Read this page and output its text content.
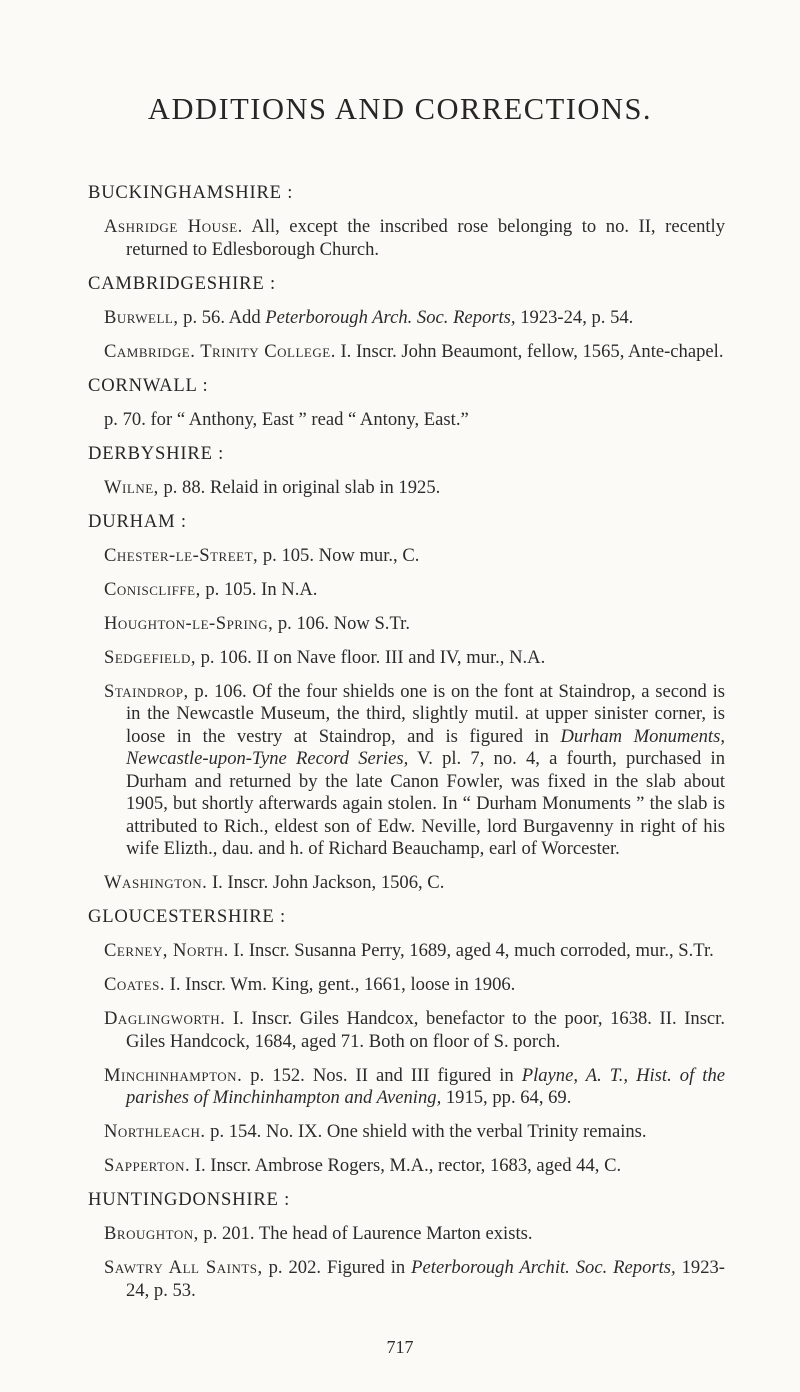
ADDITIONS AND CORRECTIONS.
BUCKINGHAMSHIRE :
Ashridge House. All, except the inscribed rose belonging to no. II, recently returned to Edlesborough Church.
CAMBRIDGESHIRE :
Burwell, p. 56. Add Peterborough Arch. Soc. Reports, 1923-24, p. 54.
Cambridge. Trinity College. I. Inscr. John Beaumont, fellow, 1565, Ante-chapel.
CORNWALL :
p. 70. for “ Anthony, East ” read “ Antony, East.”
DERBYSHIRE :
Wilne, p. 88. Relaid in original slab in 1925.
DURHAM :
Chester-le-Street, p. 105. Now mur., C.
Coniscliffe, p. 105. In N.A.
Houghton-le-Spring, p. 106. Now S.Tr.
Sedgefield, p. 106. II on Nave floor. III and IV, mur., N.A.
Staindrop, p. 106. Of the four shields one is on the font at Staindrop, a second is in the Newcastle Museum, the third, slightly mutil. at upper sinister corner, is loose in the vestry at Staindrop, and is figured in Durham Monuments, Newcastle-upon-Tyne Record Series, V. pl. 7, no. 4, a fourth, purchased in Durham and returned by the late Canon Fowler, was fixed in the slab about 1905, but shortly afterwards again stolen. In “ Durham Monuments ” the slab is attributed to Rich., eldest son of Edw. Neville, lord Burgavenny in right of his wife Elizth., dau. and h. of Richard Beauchamp, earl of Worcester.
Washington. I. Inscr. John Jackson, 1506, C.
GLOUCESTERSHIRE :
Cerney, North. I. Inscr. Susanna Perry, 1689, aged 4, much corroded, mur., S.Tr.
Coates. I. Inscr. Wm. King, gent., 1661, loose in 1906.
Daglingworth. I. Inscr. Giles Handcox, benefactor to the poor, 1638. II. Inscr. Giles Handcock, 1684, aged 71. Both on floor of S. porch.
Minchinhampton. p. 152. Nos. II and III figured in Playne, A. T., Hist. of the parishes of Minchinhampton and Avening, 1915, pp. 64, 69.
Northleach. p. 154. No. IX. One shield with the verbal Trinity remains.
Sapperton. I. Inscr. Ambrose Rogers, M.A., rector, 1683, aged 44, C.
HUNTINGDONSHIRE :
Broughton, p. 201. The head of Laurence Marton exists.
Sawtry All Saints, p. 202. Figured in Peterborough Archit. Soc. Reports, 1923-24, p. 53.
717
